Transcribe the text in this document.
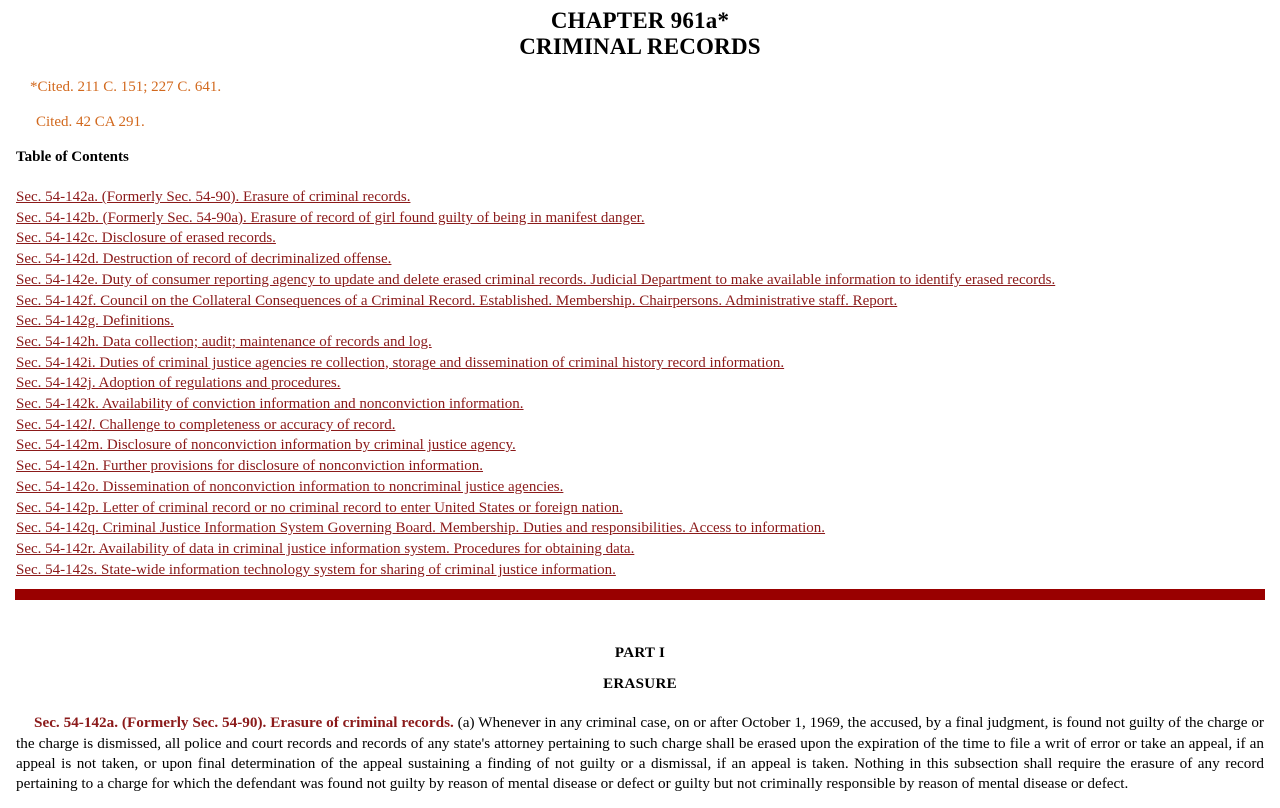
CHAPTER 961a*
CRIMINAL RECORDS

*Cited. 211 C. 151; 227 C. 641.

Cited. 42 CA 291.

Table of Contents
Sec. 54-142a. (Formerly Sec. 54-90). Erasure of criminal records.
Sec. 54-142b. (Formerly Sec. 54-90a). Erasure of record of girl found guilty of being in manifest danger.
Sec. 54-142c. Disclosure of erased records.
Sec. 54-142d. Destruction of record of decriminalized offense.
Sec. 54-142e. Duty of consumer reporting agency to update and delete erased criminal records. Judicial Department to make available information to identify erased records.
Sec. 54-142f. Council on the Collateral Consequences of a Criminal Record. Established. Membership. Chairpersons. Administrative staff. Report.
Sec. 54-142g. Definitions.
Sec. 54-142h. Data collection; audit; maintenance of records and log.
Sec. 54-142i. Duties of criminal justice agencies re collection, storage and dissemination of criminal history record information.
Sec. 54-142j. Adoption of regulations and procedures.
Sec. 54-142k. Availability of conviction information and nonconviction information.
Sec. 54-142l. Challenge to completeness or accuracy of record.
Sec. 54-142m. Disclosure of nonconviction information by criminal justice agency.
Sec. 54-142n. Further provisions for disclosure of nonconviction information.
Sec. 54-142o. Dissemination of nonconviction information to noncriminal justice agencies.
Sec. 54-142p. Letter of criminal record or no criminal record to enter United States or foreign nation.
Sec. 54-142q. Criminal Justice Information System Governing Board. Membership. Duties and responsibilities. Access to information.
Sec. 54-142r. Availability of data in criminal justice information system. Procedures for obtaining data.
Sec. 54-142s. State-wide information technology system for sharing of criminal justice information.
PART I
ERASURE

Sec. 54-142a. (Formerly Sec. 54-90). Erasure of criminal records. (a) Whenever in any criminal case, on or after October 1, 1969, the accused, by a final judgment, is found not guilty of the charge or the charge is dismissed, all police and court records and records of any state's attorney pertaining to such charge shall be erased upon the expiration of the time to file a writ of error or take an appeal, if an appeal is not taken, or upon final determination of the appeal sustaining a finding of not guilty or a dismissal, if an appeal is taken. Nothing in this subsection shall require the erasure of any record pertaining to a charge for which the defendant was found not guilty by reason of mental disease or defect or guilty but not criminally responsible by reason of mental disease or defect.
